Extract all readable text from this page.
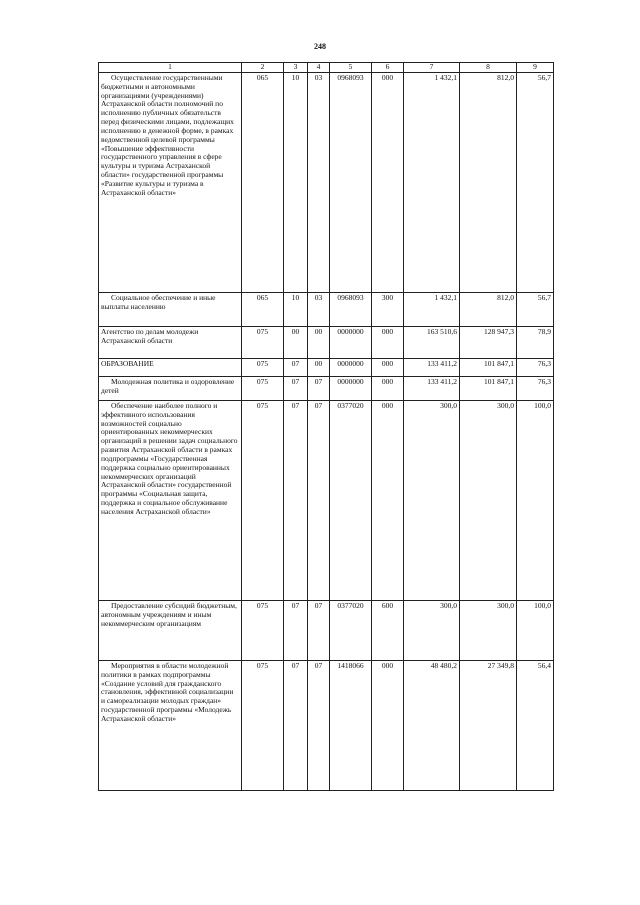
248
1	2	3	4	5	6	7	8	9
Осуществление государственными бюджетными и автономными организациями (учреждениями) Астраханской области полномочий по исполнению публичных обязательств перед физическими лицами, подлежащих исполнению в денежной форме, в рамках ведомственной целевой программы «Повышение эффективности государственного управления в сфере культуры и туризма Астраханской области» государственной программы «Развитие культуры и туризма в Астраханской области»	065	10	03	0968093	000	1 432,1	812,0	56,7
Социальное обеспечение и иные выплаты населению	065	10	03	0968093	300	1 432,1	812,0	56,7
Агентство по делам молодежи Астраханской области	075	00	00	0000000	000	163 510,6	128 947,3	78,9
ОБРАЗОВАНИЕ	075	07	00	0000000	000	133 411,2	101 847,1	76,3
Молодежная политика и оздоровление детей	075	07	07	0000000	000	133 411,2	101 847,1	76,3
Обеспечение наиболее полного и эффективного использования возможностей социально ориентированных некоммерческих организаций в решении задач социального развития Астраханской области в рамках подпрограммы «Государственная поддержка социально ориентированных некоммерческих организаций Астраханской области» государственной программы «Социальная защита, поддержка и социальное обслуживание населения Астраханской области»	075	07	07	0377020	000	300,0	300,0	100,0
Предоставление субсидий бюджетным, автономным учреждениям и иным некоммерческим организациям	075	07	07	0377020	600	300,0	300,0	100,0
Мероприятия в области молодежной политики в рамках подпрограммы «Создание условий для гражданского становления, эффективной социализации и самореализации молодых граждан» государственной программы «Молодежь Астраханской области»	075	07	07	1418066	000	48 480,2	27 349,8	56,4
